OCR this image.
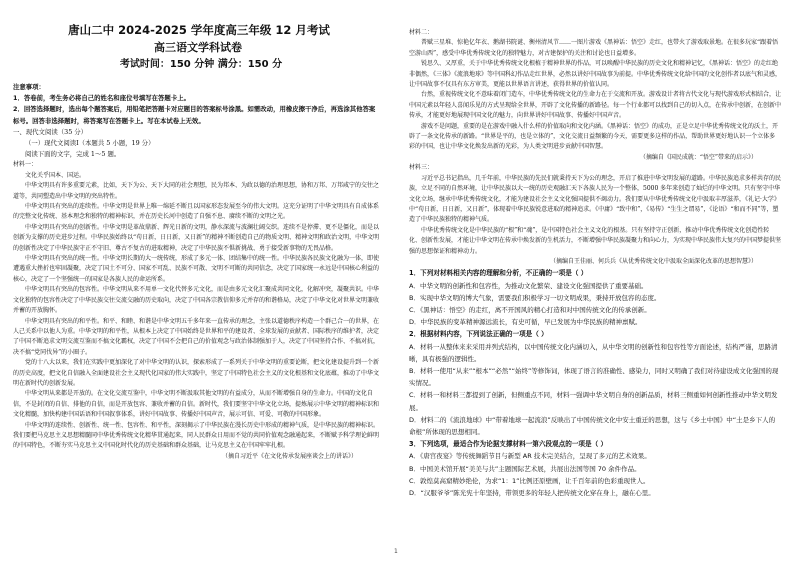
唐山二中 2024-2025 学年度高三年级 12 月考试

高三语文学科试卷

考试时间：150 分钟 满分：150 分

注意事项：

1．答卷前，考生务必将自己的姓名和座位号填写在答题卡上。

2．回答选择题时，选出每个题答案后，用铅笔把答题卡对应题目的答案标号涂黑。如需改动，用橡皮擦干净后，再选涂其他答案标号。回答非选择题时，将答案写在答题卡上。写在本试卷上无效。

一、现代文阅读（35 分）

（一）现代文阅读Ⅰ（本题共 5 小题，19 分）

阅读下面的文字，完成 1～5 题。

材料一：

文化关乎国本、国运。

中华文明具有许多重要元素，比如，天下为公、天下大同的社会理想，民为邦本、为政以德的治理思想，协和万邦、万邦咸宁的交往之道等，共同塑造出中华文明的突出特性。

中华文明具有突出的连续性。中华文明是世界上唯一绵延不断且以国家形态发展至今的伟大文明。这充分证明了中华文明具有自成体系的完整文化传统、基本理念和独特的精神标识，并在历史长河中创造了自强不息、赓续不断的文明之光。

中华文明具有突出的创新性。中华文明是革故鼎新、辉光日新的文明，静水深流与波澜壮阔交织。连续不是停滞、更不是僵化，而是以创新为支撑的历史进步过程。中华民族始终以“苟日新，日日新，又日新”的精神不断创造自己的物质文明、精神文明和政治文明，中华文明的创新性决定了中华民族守正不守旧、尊古不复古的进取精神，决定了中华民族不惧新挑战、勇于接受新事物的无畏品格。

中华文明具有突出的统一性。中华文明长期的大一统传统，形成了多元一体、团结集中的统一性。中华民族各民族文化融为一体，即使遭遇重大挫折也牢固凝聚，决定了国土不可分、国家不可乱、民族不可散、文明不可断的共同信念，决定了国家统一永远是中国核心利益的核心，决定了一个坚强统一的国家是各族人民的命运所系。

中华文明具有突出的包容性。中华文明从来不用单一文化代替多元文化，而是由多元文化汇聚成共同文化，化解冲突，凝聚共识。中华文化独特的包容性决定了中华民族交往交流交融的历史取向，决定了中国各宗教信仰多元并存的和谐格局，决定了中华文化对世界文明兼收并蓄的开放胸怀。

中华文明具有突出的和平性。和平、和睦、和谐是中华文明五千多年来一直传承的理念，主张以道德秩序构造一个群己合一的世界，在人己关系中以他人为重。中华文明的和平性，从根本上决定了中国始终是世界和平的建设者、全球发展的贡献者、国际秩序的维护者，决定了中国不断追求文明交流互鉴而不搞文化霸权，决定了中国不会把自己的价值观念与政治体制强加于人，决定了中国坚持合作、不搞对抗，决不搞“党同伐异”的小圈子。

党的十八大以来，我们在实践中更加深化了对中华文明的认识，探索形成了一系列关于中华文明的重要论断，把文化建设提升到一个新的历史高度，把文化自信融入全面建设社会主义现代化国家的伟大实践中，坚定了中国特色社会主义的文化根基和文化底蕴，推动了中华文明在新时代的创新发展。

中华文明从来都是开放的。在文化交流互鉴中，中华文明不断汲取其他文明的有益成分，从而不断增强自身的生命力。中国的文化自信，不是封闭的自信、排他的自信，而是开放包容、兼收并蓄的自信。新时代，我们要坚守中华文化立场，提炼展示中华文明的精神标识和文化精髓，加快构建中国话语和中国叙事体系，讲好中国故事、传播好中国声音，展示可信、可爱、可敬的中国形象。

中华文明的连续性、创新性、统一性、包容性、和平性，深刻揭示了中华民族在漫长历史中形成的精神气质，是中华民族的精神标识。我们要把马克思主义思想精髓同中华优秀传统文化精华贯通起来，同人民群众日用而不觉的共同价值观念融通起来，不断赋予科学理论鲜明的中国特色，不断夯实马克思主义中国化时代化的历史基础和群众基础，让马克思主义在中国牢牢扎根。

（摘自习近平《在文化传承发展座谈会上的讲话》）

材料二：

普赋三星堆、惊艳亿年衣、鹅湖书院谜、衡州清风节……一图片游戏《黑神话：悟空》走红，也带火了游戏取景地。在很多玩家“跟着悟空游山西”，感受中华优秀传统文化的独特魅力，对古建保护的关注和讨论也日益增多。

锐思久、又厚重，关于中华优秀传统文化根植于精神世界的作品，可以唤醒中华民族的历史文化和精神记忆，《黑神话：悟空》的走红绝非偶然，《三体》《流浪地球》等中国科幻作品走红世界，必然以讲好中国故事为前提。中华优秀传统文化给中国的文化创作者以底气和灵感，让中国故事不仅具有东方审美，更能以世界语言讲述，获得世界的价值认同。

台然，重视传统文化不意味着闭门造车，中华优秀传统文化的生命力在于交流和开放。游戏设计者将古代文化与现代游戏形式相结合，让中国元素以年轻人喜闻乐见的方式呈现给全世界，开辟了文化传播的新路径。每一个行业都可以找到自己的切入点，在传承中创新，在创新中传承，才能更好地展现中国文化的魅力，向世界讲好中国故事、传播好中国声音。

游戏不是问题，重要的是在游戏中融入什么样的价值取向和文化内涵。《黑神话：悟空》的成功，正是立足中华优秀传统文化的沃土，开辟了一条文化传承的新路。“世界是平的，也是立体的”，文化交流日益频繁的今天，需要更多这样的作品，帮助世界更好地认识一个立体多彩的中国，也让中华文化焕发出新的光彩，为人类文明进步贡献中国智慧。

（摘编自《国民成就：“悟空”带来的启示》）

材料三：

习近平总书记指出，几千年前，中华民族的先民们就秉持天下为公的理念，开启了推进中华文明发展的道路。中华民族追求多样共存的民族，立足不同的自然环境，让中华民族以大一统的历史观融汇天下各族人民为一个整体，5000 多年来创造了灿烂的中华文明。只有坚守中华文化立场，继承中华优秀传统文化，才能为建设社会主义文化强国提供不竭动力。我们要从中华优秀传统文化中汲取丰厚滋养，《礼记·大学》中“苟日新，日日新，又日新”，体现着中华民族锐意进取的精神追求。《中庸》“致中和”，《易传》“生生之谓易”，《论语》“和而不同”等，塑造了中华民族独特的精神气质。

中华优秀传统文化是中华民族的“根”和“魂”，是中国特色社会主义文化的根基。只有坚持守正创新，推动中华优秀传统文化创造性转化、创新性发展，才能让中华文明在传承中焕发新的生机活力，不断增强中华民族凝聚力和向心力，为实现中华民族伟大复兴的中国梦提供坚强的思想保证和精神动力。

（摘编自王佳丽、何兵兵《从优秀传统文化中汲取全面深化改革的思想智慧》）

1．下列对材料相关内容的理解和分析，不正确的一项是（ ）

A．中华文明的创新性和包容性，为推动文化繁荣、建设文化强国提供了重要基础。

B．实现中华文明的博大气象，需要我们积极学习一切文明成果，秉持开放包容的态度。

C．《黑神话：悟空》的走红，离不开国风的精心打造和对中国传统文化的传承创新。

D．中华民族的变革精神源远流长，有史可循，早已发展为中华民族的精神禀赋。

2．根据材料内容，下列说法正确的一项是（ ）

A．材料一从整体来来采用并列式结构，以中国传统文化内涵切入，从中华文明的创新性和包容性等方面论述，结构严谨，思路清晰，具有极强的逻辑性。

B．材料一使用“从来”“根本”“必然”“始终”等修饰词，体现了语言的准确性、感染力，同时又明确了我们对待建设成文化强国的现实情况。

C．材料一和材料三都提到了创新，但侧重点不同，材料一强调中华文明自身的创新品质，材料三侧重如何创新性推动中华文明发展。

D．材料二的《流浪地球》中“带着地球一起流浪”反映出了中国传统文化中安土重迁的思想，这与《乡土中国》中“土是乡下人的命根”所体现的思想相同。

3．下列选项，最适合作为论据支撑材料一第六段观点的一项是（ ）

A．《唐宫夜宴》等传统舞蹈节目与新型 AR 技术完美结合，呈现了多元的艺术效果。

B．中国美术馆开展“美美与共”主题国际艺术展，共展出法国等国 70 余件作品。

C．敦煌莫高窟精妙绝伦，为求“1：1”比例还原壁画，让千百年前的色彩重现世人。

D．“汉服爷爷”陈光宪十年坚持，带领更多的年轻人把传统文化穿在身上，融在心里。

1
